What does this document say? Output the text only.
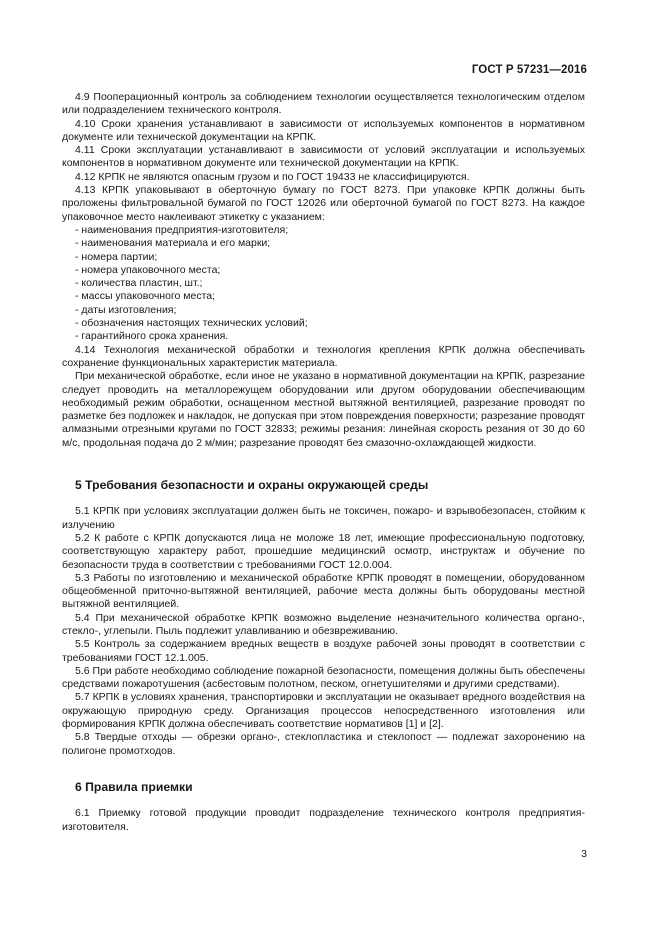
ГОСТ Р 57231—2016

4.9 Пооперационный контроль за соблюдением технологии осуществляется технологическим отделом или подразделением технического контроля.

4.10 Сроки хранения устанавливают в зависимости от используемых компонентов в нормативном документе или технической документации на КРПК.

4.11 Сроки эксплуатации устанавливают в зависимости от условий эксплуатации и используемых компонентов в нормативном документе или технической документации на КРПК.

4.12 КРПК не являются опасным грузом и по ГОСТ 19433 не классифицируются.

4.13 КРПК упаковывают в оберточную бумагу по ГОСТ 8273. При упаковке КРПК должны быть проложены фильтровальной бумагой по ГОСТ 12026 или оберточной бумагой по ГОСТ 8273. На каждое упаковочное место наклеивают этикетку с указанием:

- наименования предприятия-изготовителя;

- наименования материала и его марки;

- номера партии;

- номера упаковочного места;

- количества пластин, шт.;

- массы упаковочного места;

- даты изготовления;

- обозначения настоящих технических условий;

- гарантийного срока хранения.

4.14 Технология механической обработки и технология крепления КРПК должна обеспечивать сохранение функциональных характеристик материала.

При механической обработке, если иное не указано в нормативной документации на КРПК, разрезание следует проводить на металлорежущем оборудовании или другом оборудовании обеспечивающим необходимый режим обработки, оснащенном местной вытяжной вентиляцией, разрезание проводят по разметке без подложек и накладок, не допуская при этом повреждения поверхности; разрезание проводят алмазными отрезными кругами по ГОСТ 32833; режимы резания: линейная скорость резания от 30 до 60 м/с, продольная подача до 2 м/мин; разрезание проводят без смазочно-охлаждающей жидкости.

5 Требования безопасности и охраны окружающей среды

5.1 КРПК при условиях эксплуатации должен быть не токсичен, пожаро- и взрывобезопасен, стойким к излучению

5.2 К работе с КРПК допускаются лица не моложе 18 лет, имеющие профессиональную подготовку, соответствующую характеру работ, прошедшие медицинский осмотр, инструктаж и обучение по безопасности труда в соответствии с требованиями ГОСТ 12.0.004.

5.3 Работы по изготовлению и механической обработке КРПК проводят в помещении, оборудованном общеобменной приточно-вытяжной вентиляцией, рабочие места должны быть оборудованы местной вытяжной вентиляцией.

5.4 При механической обработке КРПК возможно выделение незначительного количества органо-, стекло-, углепыли. Пыль подлежит улавливанию и обезвреживанию.

5.5 Контроль за содержанием вредных веществ в воздухе рабочей зоны проводят в соответствии с требованиями ГОСТ 12.1.005.

5.6 При работе необходимо соблюдение пожарной безопасности, помещения должны быть обеспечены средствами пожаротушения (асбестовым полотном, песком, огнетушителями и другими средствами).

5.7 КРПК в условиях хранения, транспортировки и эксплуатации не оказывает вредного воздействия на окружающую природную среду. Организация процессов непосредственного изготовления или формирования КРПК должна обеспечивать соответствие нормативов [1] и [2].

5.8 Твердые отходы — обрезки органо-, стеклопластика и стеклопост — подлежат захоронению на полигоне промотходов.

6 Правила приемки

6.1 Приемку готовой продукции проводит подразделение технического контроля предприятия-изготовителя.

3
